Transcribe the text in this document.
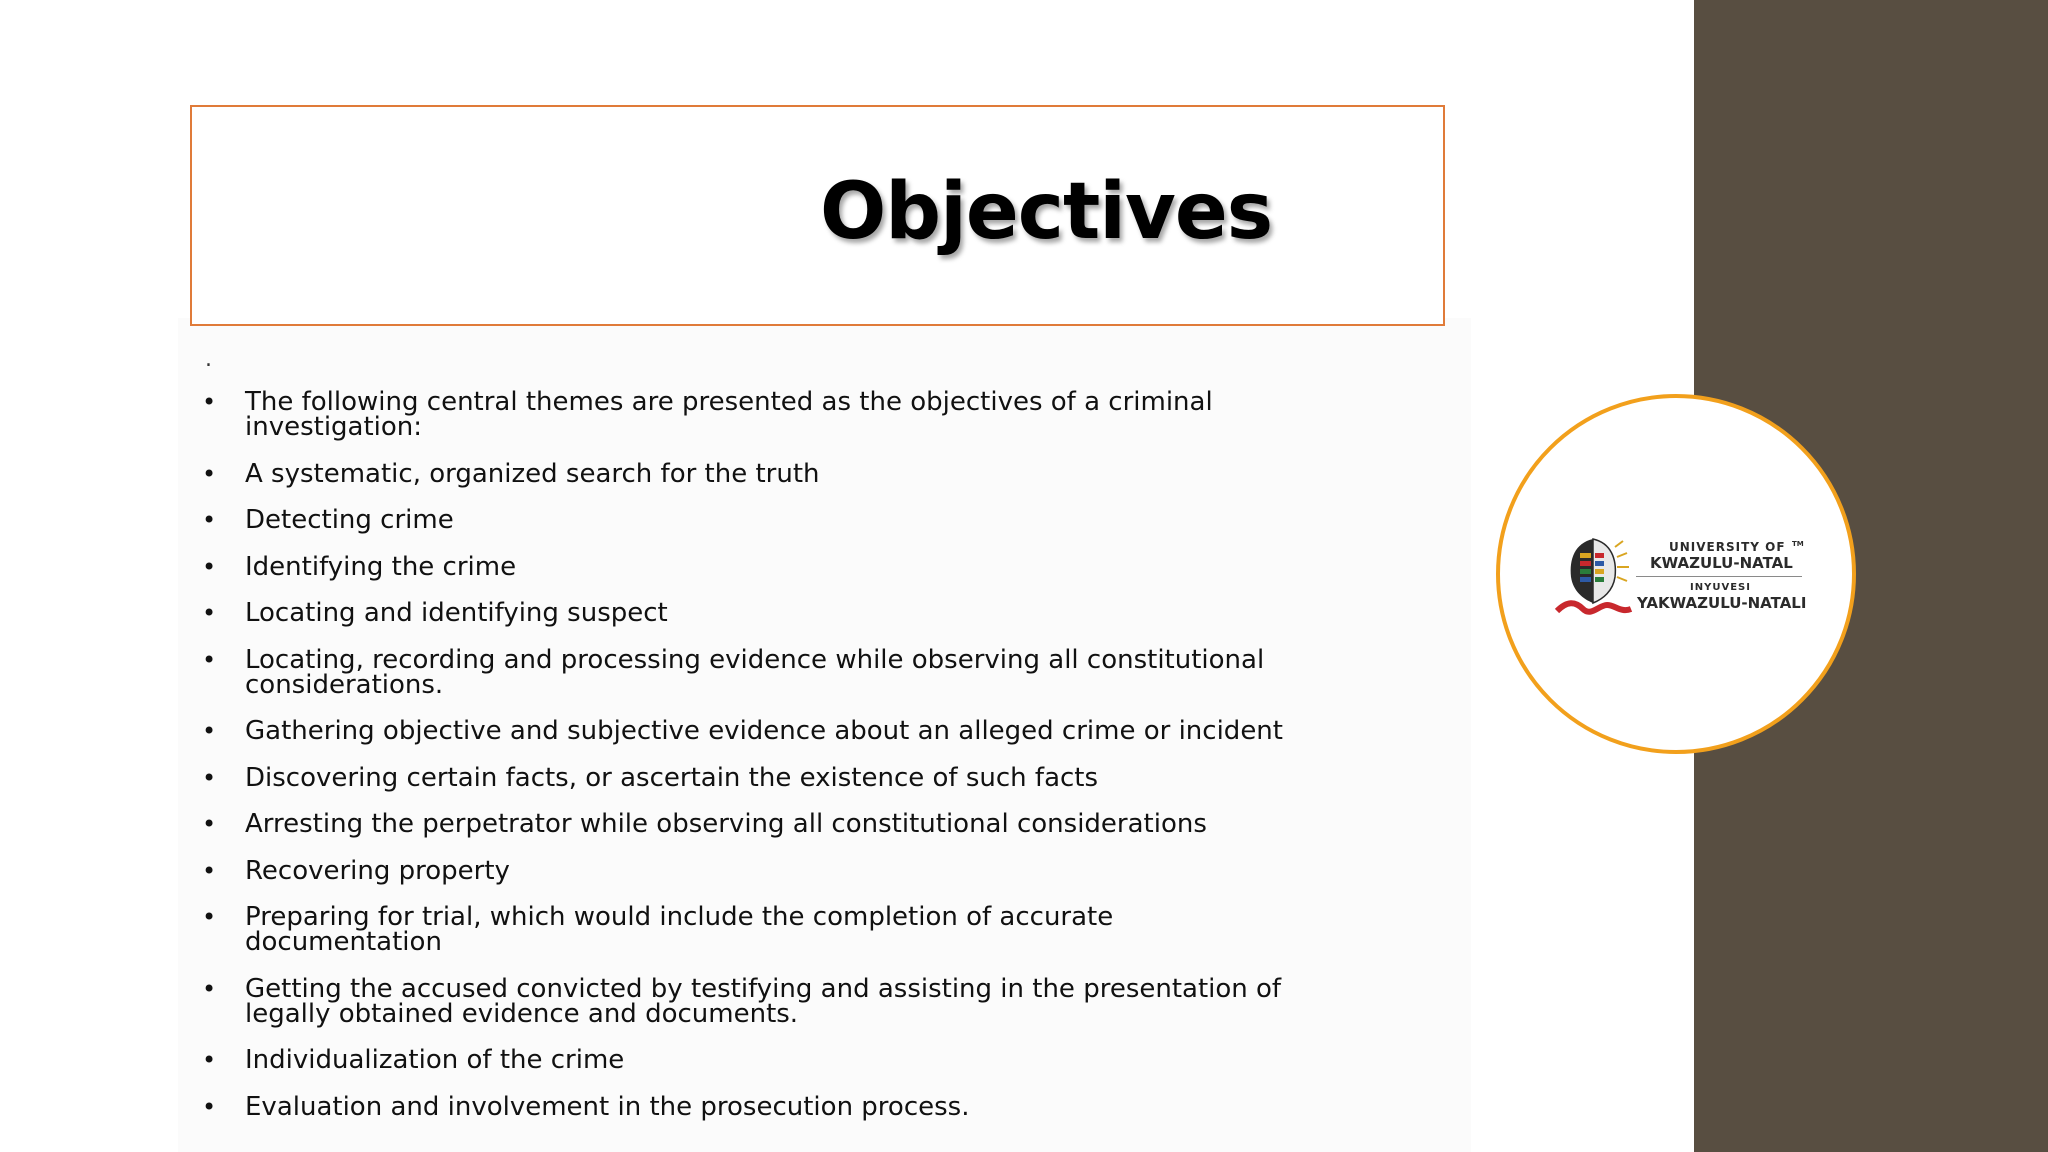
Objectives
.
• The following central themes are presented as the objectives of a criminal investigation:
• A systematic, organized search for the truth
• Detecting crime
• Identifying the crime
• Locating and identifying suspect
• Locating, recording and processing evidence while observing all constitutional considerations.
• Gathering objective and subjective evidence about an alleged crime or incident
• Discovering certain facts, or ascertain the existence of such facts
• Arresting the perpetrator while observing all constitutional considerations
• Recovering property
• Preparing for trial, which would include the completion of accurate documentation
• Getting the accused convicted by testifying and assisting in the presentation of legally obtained evidence and documents.
• Individualization of the crime
• Evaluation and involvement in the prosecution process.
UNIVERSITY OF TM
KWAZULU-NATAL
INYUVESI
YAKWAZULU-NATALI
